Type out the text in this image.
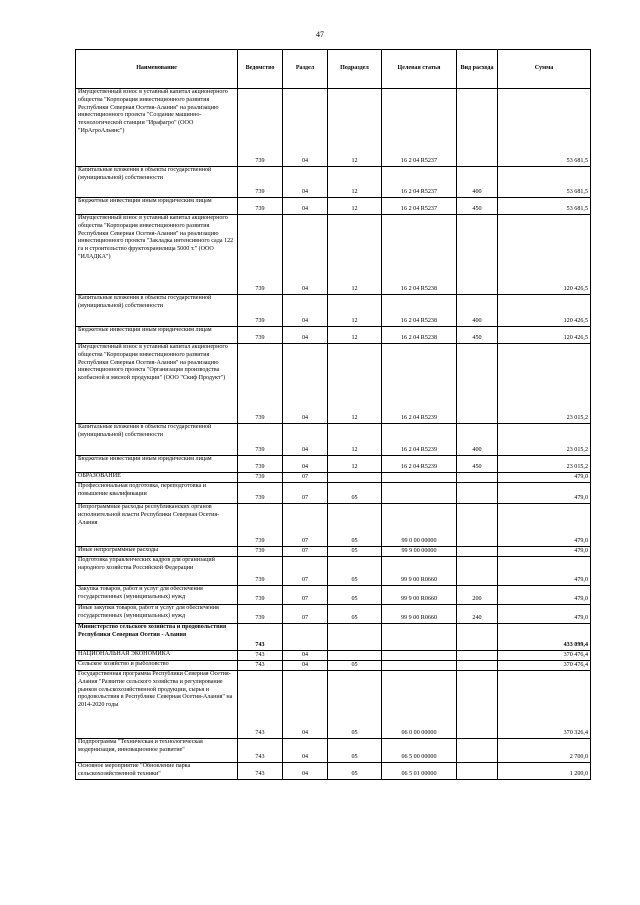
47
Наименование	Ведомство	Раздел	Подраздел	Целевая статья	Вид расхода	Сумма
Имущественный взнос в уставный капитал акционерного общества "Корпорация инвестиционного развития Республики Северная Осетия-Алания" на реализацию инвестиционного проекта "Создание машинно-технологической станции "Ирафагро" (ООО "ИрАгроАльянс")	739	04	12	16 2 04 R5237		53 681,5
Капитальные вложения в объекты государственной (муниципальной) собственности	739	04	12	16 2 04 R5237	400	53 681,5
Бюджетные инвестиции иным юридическим лицам	739	04	12	16 2 04 R5237	450	53 681,5
Имущественный взнос в уставный капитал акционерного общества "Корпорация инвестиционного развития Республики Северная Осетия-Алания" на реализацию инвестиционного проекта "Закладка интенсивного сада 122 га и строительство фруктохранилища 5000 т." (ООО "ИЛАДКА")	739	04	12	16 2 04 R5238		120 426,5
Капитальные вложения в объекты государственной (муниципальной) собственности	739	04	12	16 2 04 R5238	400	120 426,5
Бюджетные инвестиции иным юридическим лицам	739	04	12	16 2 04 R5238	450	120 426,5
Имущественный взнос в уставный капитал акционерного общества "Корпорация инвестиционного развития Республики Северная Осетия-Алания" на реализацию инвестиционного проекта "Организация производства колбасной и мясной продукции" (ООО "Скиф Продукт")	739	04	12	16 2 04 R5239		23 015,2
Капитальные вложения в объекты государственной (муниципальной) собственности	739	04	12	16 2 04 R5239	400	23 015,2
Бюджетные инвестиции иным юридическим лицам	739	04	12	16 2 04 R5239	450	23 015,2
ОБРАЗОВАНИЕ	739	07				479,0
Профессиональная подготовка, переподготовка и повышение квалификации	739	07	05			479,0
Непрограммные расходы республиканских органов исполнительной власти Республики Северная Осетия-Алания	739	07	05	99 0 00 00000		479,0
Иные непрограммные расходы	739	07	05	99 9 00 00000		479,0
Подготовка управленческих кадров для организаций народного хозяйства Российской Федерации	739	07	05	99 9 00 R0660		479,0
Закупка товаров, работ и услуг для обеспечения государственных (муниципальных) нужд	739	07	05	99 9 00 R0660	200	479,0
Иные закупки товаров, работ и услуг для обеспечения государственных (муниципальных) нужд	739	07	05	99 9 00 R0660	240	479,0
Министерство сельского хозяйства и продовольствия Республики Северная Осетия - Алания	743					433 099,4
НАЦИОНАЛЬНАЯ ЭКОНОМИКА	743	04				370 476,4
Сельское хозяйство и рыболовство	743	04	05			370 476,4
Государственная программа Республики Северная Осетия-Алания "Развитие сельского хозяйства и регулирование рынков сельскохозяйственной продукции, сырья и продовольствия в Республике Северная Осетия-Алания" на 2014-2020 годы	743	04	05	06 0 00 00000		370 326,4
Подпрограмма "Техническая и технологическая модернизация, инновационное развитие"	743	04	05	06 5 00 00000		2 700,0
Основное мероприятие "Обновление парка сельскохозяйственной техники"	743	04	05	06 5 01 00000		1 200,0
